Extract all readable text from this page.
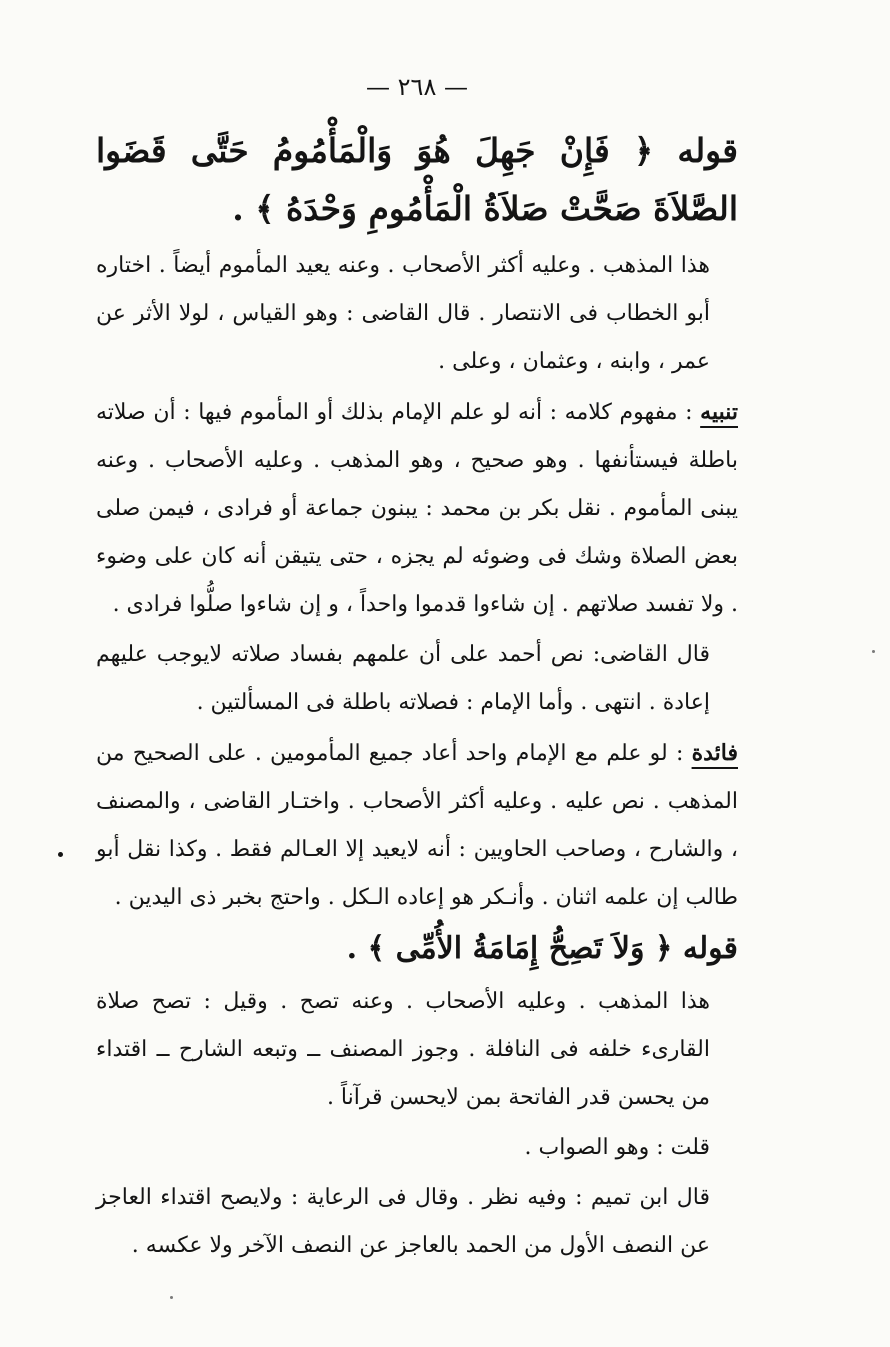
— ٢٦٨ —
قوله ﴿ فَإِنْ جَهِلَ هُوَ وَالْمَأْمُومُ حَتَّى قَضَوا الصَّلاَةَ صَحَّتْ صَلاَةُ الْمَأْمُومِ وَحْدَهُ ﴾ .
هذا المذهب . وعليه أكثر الأصحاب . وعنه يعيد المأموم أيضاً . اختاره أبو الخطاب فى الانتصار . قال القاضى : وهو القياس ، لولا الأثر عن عمر ، وابنه ، وعثمان ، وعلى .
تنبيه : مفهوم كلامه : أنه لو علم الإمام بذلك أو المأموم فيها : أن صلاته باطلة فيستأنفها . وهو صحيح ، وهو المذهب . وعليه الأصحاب . وعنه يبنى المأموم . نقل بكر بن محمد : يبنون جماعة أو فرادى ، فيمن صلى بعض الصلاة وشك فى وضوئه لم يجزه ، حتى يتيقن أنه كان على وضوء . ولا تفسد صلاتهم . إن شاءوا قدموا واحداً ، و إن شاءوا صلُّوا فرادى .
قال القاضى: نص أحمد على أن علمهم بفساد صلاته لايوجب عليهم إعادة . انتهى . وأما الإمام : فصلاته باطلة فى المسألتين .
فائدة : لو علم مع الإمام واحد أعاد جميع المأمومين . على الصحيح من المذهب . نص عليه . وعليه أكثر الأصحاب . واختـار القاضى ، والمصنف ، والشارح ، وصاحب الحاويين : أنه لايعيد إلا العـالم فقط . وكذا نقل أبو طالب إن علمه اثنان . وأنـكر هو إعاده الـكل . واحتج بخبر ذى اليدين .
قوله ﴿ وَلاَ تَصِحُّ إِمَامَةُ الأُمِّى ﴾ .
هذا المذهب . وعليه الأصحاب . وعنه تصح . وقيل : تصح صلاة القارىء خلفه فى النافلة . وجوز المصنف ــ وتبعه الشارح ــ اقتداء من يحسن قدر الفاتحة بمن لايحسن قرآناً .
قلت : وهو الصواب .
قال ابن تميم : وفيه نظر . وقال فى الرعاية : ولايصح اقتداء العاجز عن النصف الأول من الحمد بالعاجز عن النصف الآخر ولا عكسه .
